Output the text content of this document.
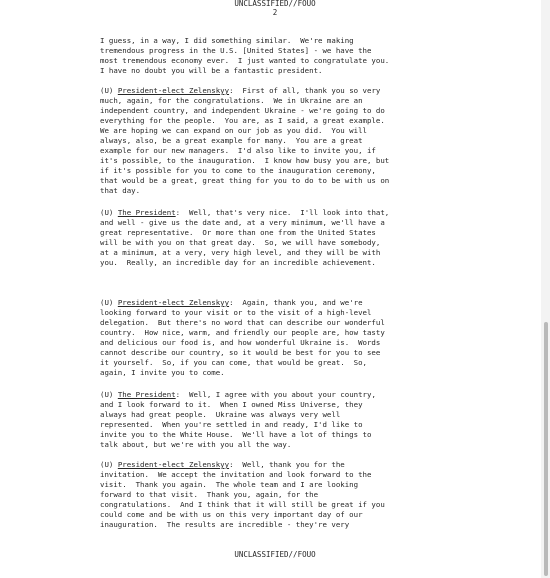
UNCLASSIFIED//FOUO
2

I guess, in a way, I did something similar.  We're making
tremendous progress in the U.S. [United States] - we have the
most tremendous economy ever.  I just wanted to congratulate you.
I have no doubt you will be a fantastic president.

(U) President-elect Zelenskyy:  First of all, thank you so very
much, again, for the congratulations.  We in Ukraine are an
independent country, and independent Ukraine - we're going to do
everything for the people.  You are, as I said, a great example.
We are hoping we can expand on our job as you did.  You will
always, also, be a great example for many.  You are a great
example for our new managers.  I'd also like to invite you, if
it's possible, to the inauguration.  I know how busy you are, but
if it's possible for you to come to the inauguration ceremony,
that would be a great, great thing for you to do to be with us on
that day.

(U) The President:  Well, that's very nice.  I'll look into that,
and well - give us the date and, at a very minimum, we'll have a
great representative.  Or more than one from the United States
will be with you on that great day.  So, we will have somebody,
at a minimum, at a very, very high level, and they will be with
you.  Really, an incredible day for an incredible achievement.

(U) President-elect Zelenskyy:  Again, thank you, and we're
looking forward to your visit or to the visit of a high-level
delegation.  But there's no word that can describe our wonderful
country.  How nice, warm, and friendly our people are, how tasty
and delicious our food is, and how wonderful Ukraine is.  Words
cannot describe our country, so it would be best for you to see
it yourself.  So, if you can come, that would be great.  So,
again, I invite you to come.

(U) The President:  Well, I agree with you about your country,
and I look forward to it.  When I owned Miss Universe, they
always had great people.  Ukraine was always very well
represented.  When you're settled in and ready, I'd like to
invite you to the White House.  We'll have a lot of things to
talk about, but we're with you all the way.

(U) President-elect Zelenskyy:  Well, thank you for the
invitation.  We accept the invitation and look forward to the
visit.  Thank you again.  The whole team and I are looking
forward to that visit.  Thank you, again, for the
congratulations.  And I think that it will still be great if you
could come and be with us on this very important day of our
inauguration.  The results are incredible - they're very

UNCLASSIFIED//FOUO
